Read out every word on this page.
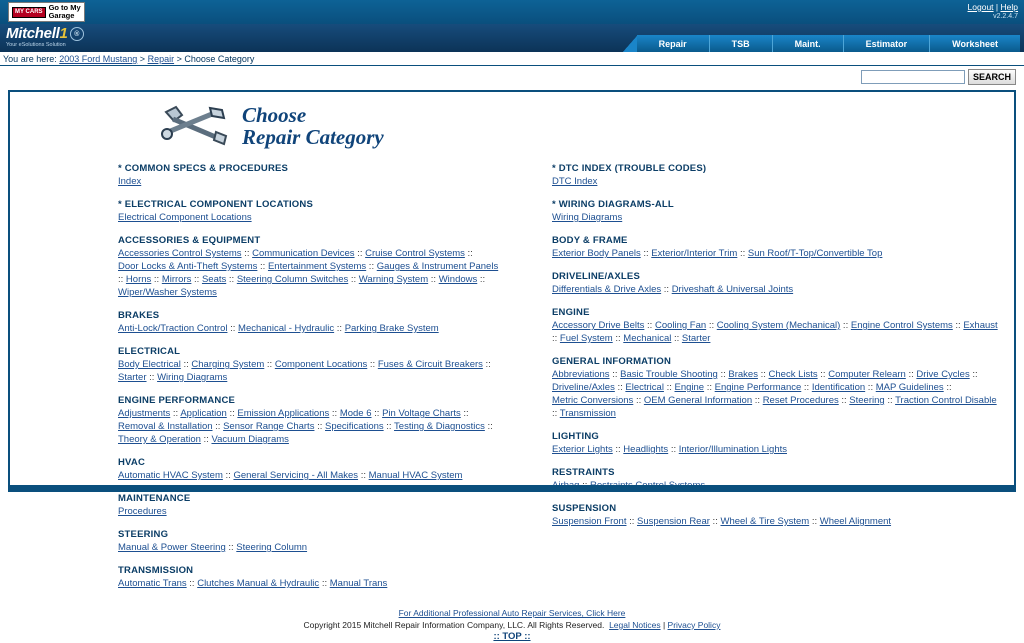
MY CARS Go to My
Garage
Logout | Help
v2.2.4.7
Mitchell1 ®
Your eSolutions Solution	Repair	TSB	Maint.	Estimator	Worksheet
You are here: 2003 Ford Mustang > Repair > Choose Category
SEARCH
Choose
Repair Category
* COMMON SPECS & PROCEDURES
Index
* ELECTRICAL COMPONENT LOCATIONS
Electrical Component Locations
ACCESSORIES & EQUIPMENT
Accessories Control Systems :: Communication Devices :: Cruise Control Systems :: Door Locks & Anti-Theft Systems :: Entertainment Systems :: Gauges & Instrument Panels :: Horns :: Mirrors :: Seats :: Steering Column Switches :: Warning System :: Windows :: Wiper/Washer Systems
BRAKES
Anti-Lock/Traction Control :: Mechanical - Hydraulic :: Parking Brake System
ELECTRICAL
Body Electrical :: Charging System :: Component Locations :: Fuses & Circuit Breakers :: Starter :: Wiring Diagrams
ENGINE PERFORMANCE
Adjustments :: Application :: Emission Applications :: Mode 6 :: Pin Voltage Charts :: Removal & Installation :: Sensor Range Charts :: Specifications :: Testing & Diagnostics :: Theory & Operation :: Vacuum Diagrams
HVAC
Automatic HVAC System :: General Servicing - All Makes :: Manual HVAC System
MAINTENANCE
Procedures
STEERING
Manual & Power Steering :: Steering Column
TRANSMISSION
Automatic Trans :: Clutches Manual & Hydraulic :: Manual Trans
* DTC INDEX (TROUBLE CODES)
DTC Index
* WIRING DIAGRAMS-ALL
Wiring Diagrams
BODY & FRAME
Exterior Body Panels :: Exterior/Interior Trim :: Sun Roof/T-Top/Convertible Top
DRIVELINE/AXLES
Differentials & Drive Axles :: Driveshaft & Universal Joints
ENGINE
Accessory Drive Belts :: Cooling Fan :: Cooling System (Mechanical) :: Engine Control Systems :: Exhaust :: Fuel System :: Mechanical :: Starter
GENERAL INFORMATION
Abbreviations :: Basic Trouble Shooting :: Brakes :: Check Lists :: Computer Relearn :: Drive Cycles :: Driveline/Axles :: Electrical :: Engine :: Engine Performance :: Identification :: MAP Guidelines :: Metric Conversions :: OEM General Information :: Reset Procedures :: Steering :: Traction Control Disable :: Transmission
LIGHTING
Exterior Lights :: Headlights :: Interior/Illumination Lights
RESTRAINTS
SUSPENSION
Suspension Front :: Suspension Rear :: Wheel & Tire System :: Wheel Alignment
For Additional Professional Auto Repair Services, Click Here
Copyright 2015 Mitchell Repair Information Company, LLC. All Rights Reserved. Legal Notices | Privacy Policy
:: TOP ::
